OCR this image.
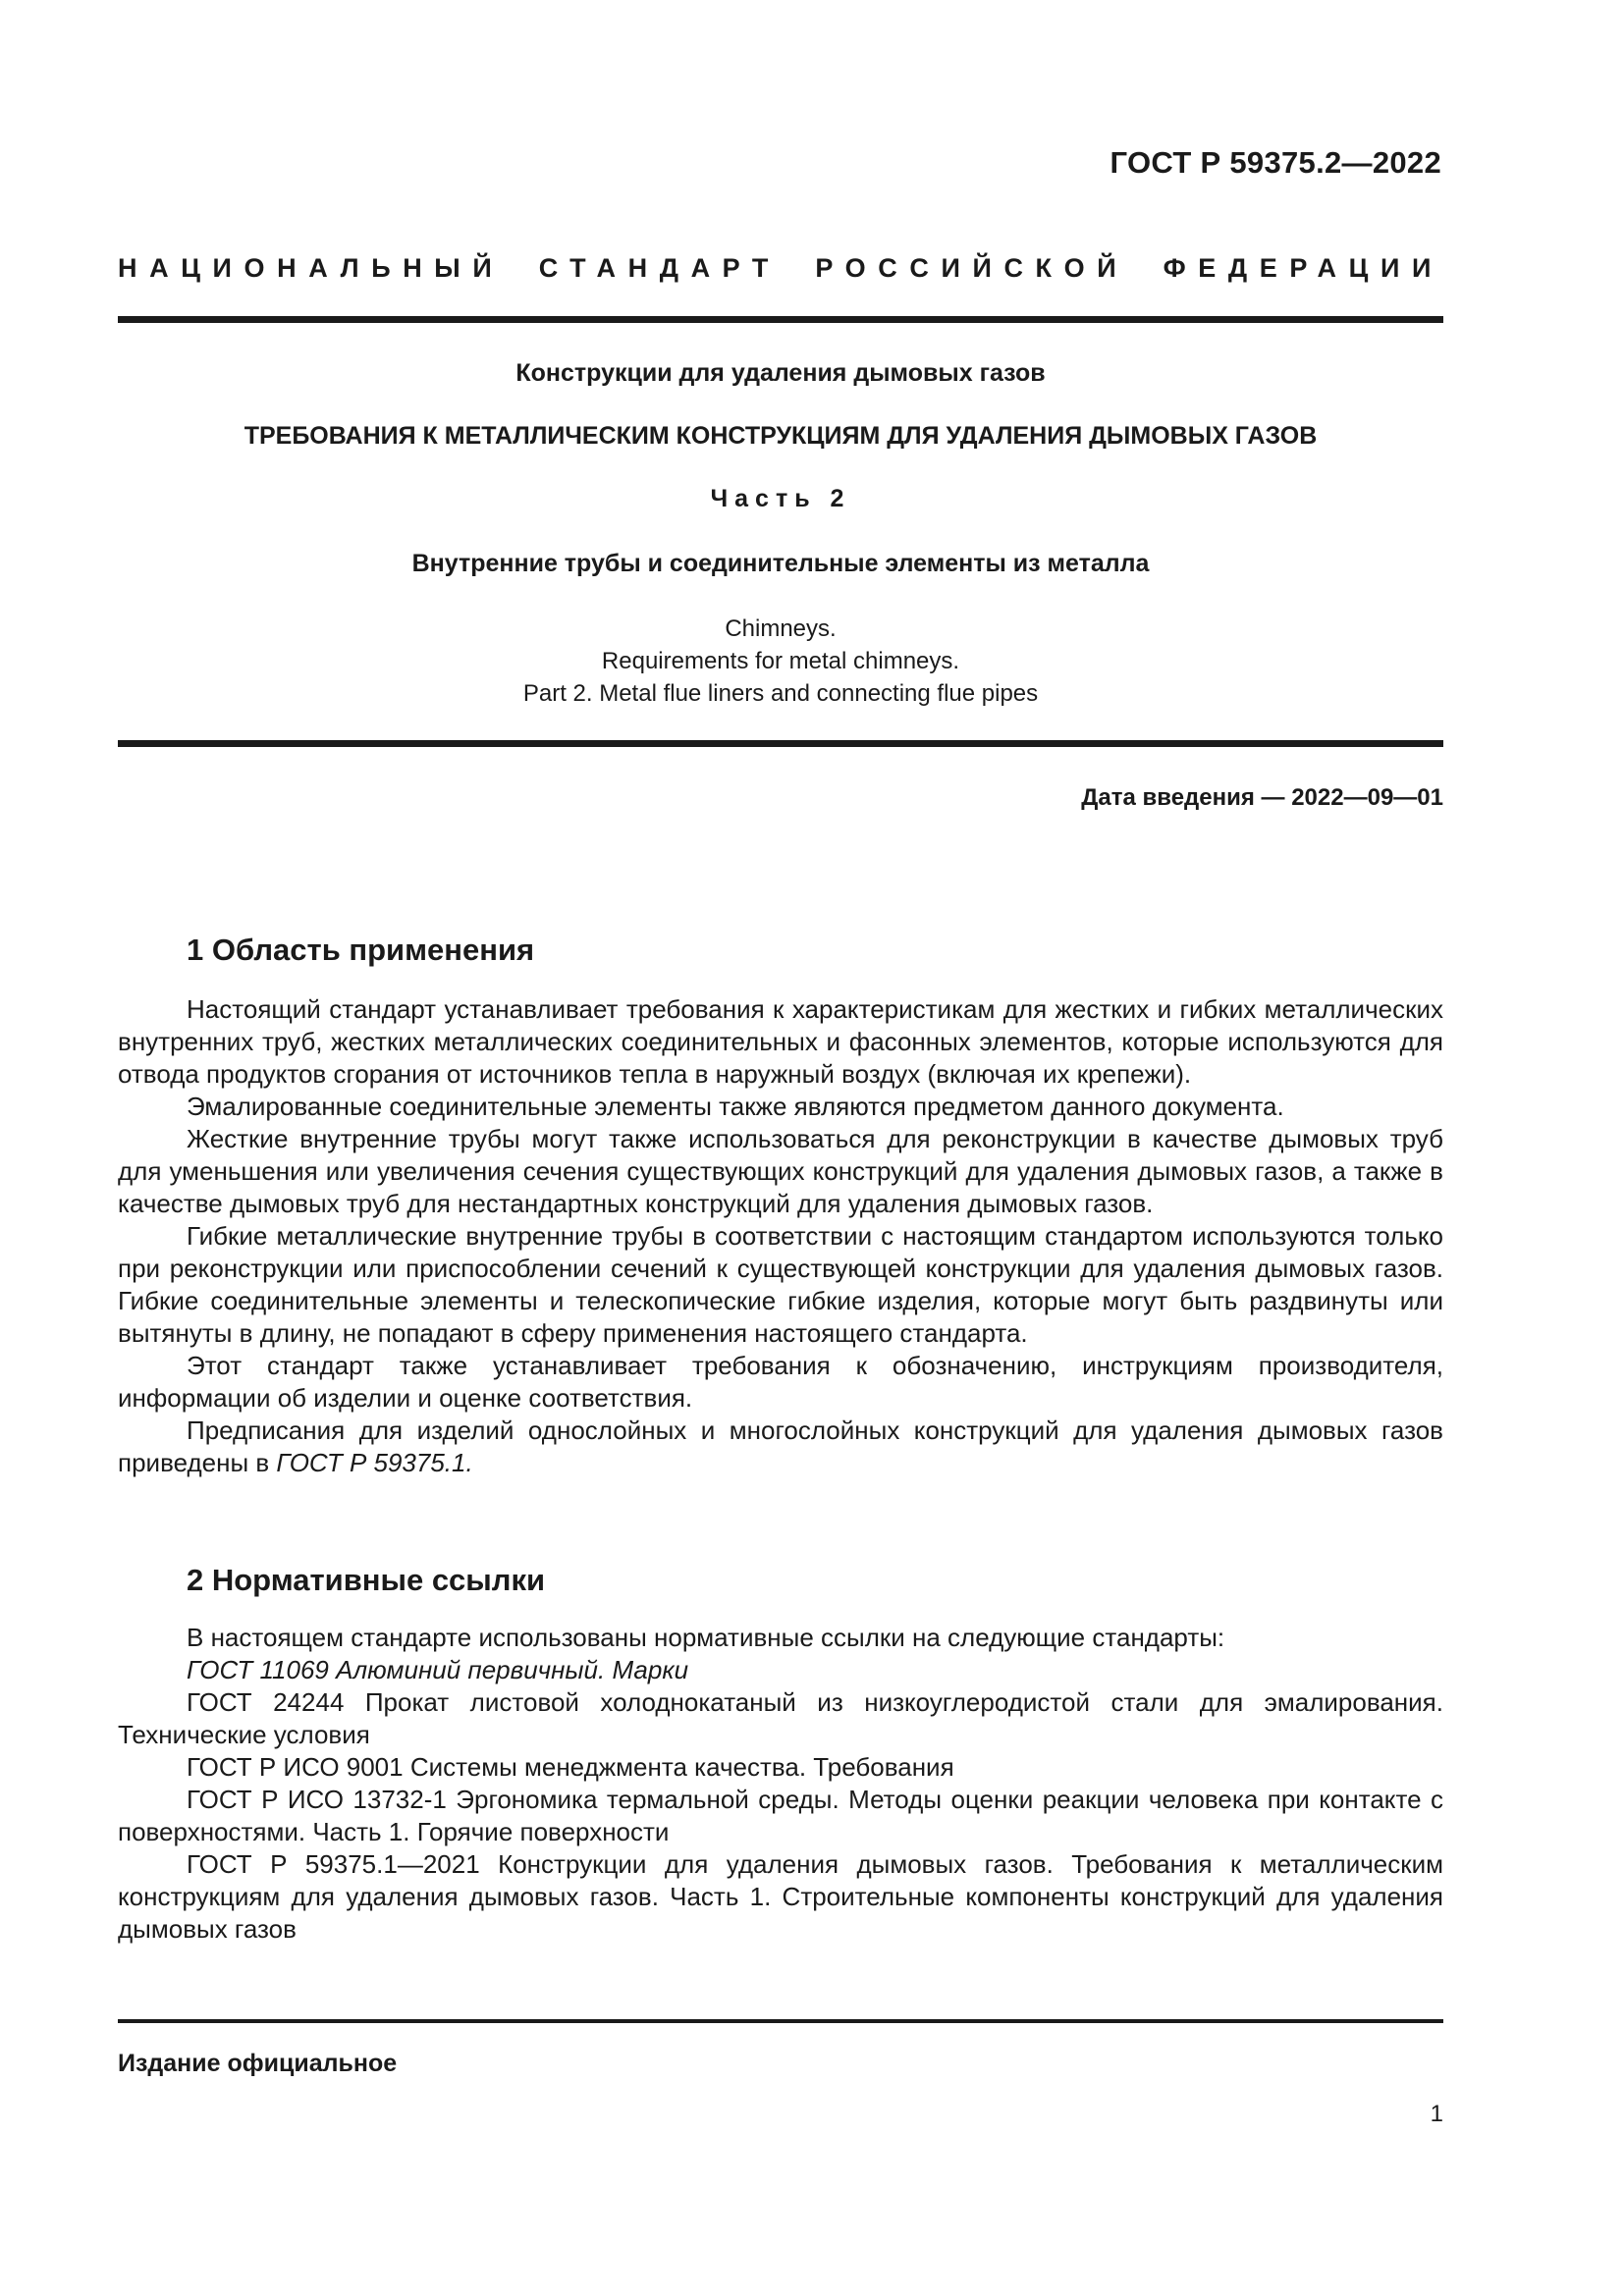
ГОСТ Р 59375.2—2022
НАЦИОНАЛЬНЫЙ СТАНДАРТ РОССИЙСКОЙ ФЕДЕРАЦИИ
Конструкции для удаления дымовых газов
ТРЕБОВАНИЯ К МЕТАЛЛИЧЕСКИМ КОНСТРУКЦИЯМ ДЛЯ УДАЛЕНИЯ ДЫМОВЫХ ГАЗОВ
Часть 2
Внутренние трубы и соединительные элементы из металла
Chimneys.
Requirements for metal chimneys.
Part 2. Metal flue liners and connecting flue pipes
Дата введения — 2022—09—01
1 Область применения

Настоящий стандарт устанавливает требования к характеристикам для жестких и гибких металлических внутренних труб, жестких металлических соединительных и фасонных элементов, которые используются для отвода продуктов сгорания от источников тепла в наружный воздух (включая их крепежи).

Эмалированные соединительные элементы также являются предметом данного документа.

Жесткие внутренние трубы могут также использоваться для реконструкции в качестве дымовых труб для уменьшения или увеличения сечения существующих конструкций для удаления дымовых газов, а также в качестве дымовых труб для нестандартных конструкций для удаления дымовых газов.

Гибкие металлические внутренние трубы в соответствии с настоящим стандартом используются только при реконструкции или приспособлении сечений к существующей конструкции для удаления дымовых газов. Гибкие соединительные элементы и телескопические гибкие изделия, которые могут быть раздвинуты или вытянуты в длину, не попадают в сферу применения настоящего стандарта.

Этот стандарт также устанавливает требования к обозначению, инструкциям производителя, информации об изделии и оценке соответствия.

Предписания для изделий однослойных и многослойных конструкций для удаления дымовых газов приведены в ГОСТ Р 59375.1.

2 Нормативные ссылки

В настоящем стандарте использованы нормативные ссылки на следующие стандарты:

ГОСТ 11069 Алюминий первичный. Марки

ГОСТ 24244 Прокат листовой холоднокатаный из низкоуглеродистой стали для эмалирования. Технические условия

ГОСТ Р ИСО 9001 Системы менеджмента качества. Требования

ГОСТ Р ИСО 13732-1 Эргономика термальной среды. Методы оценки реакции человека при контакте с поверхностями. Часть 1. Горячие поверхности

ГОСТ Р 59375.1—2021 Конструкции для удаления дымовых газов. Требования к металлическим конструкциям для удаления дымовых газов. Часть 1. Строительные компоненты конструкций для удаления дымовых газов

Издание официальное
1
